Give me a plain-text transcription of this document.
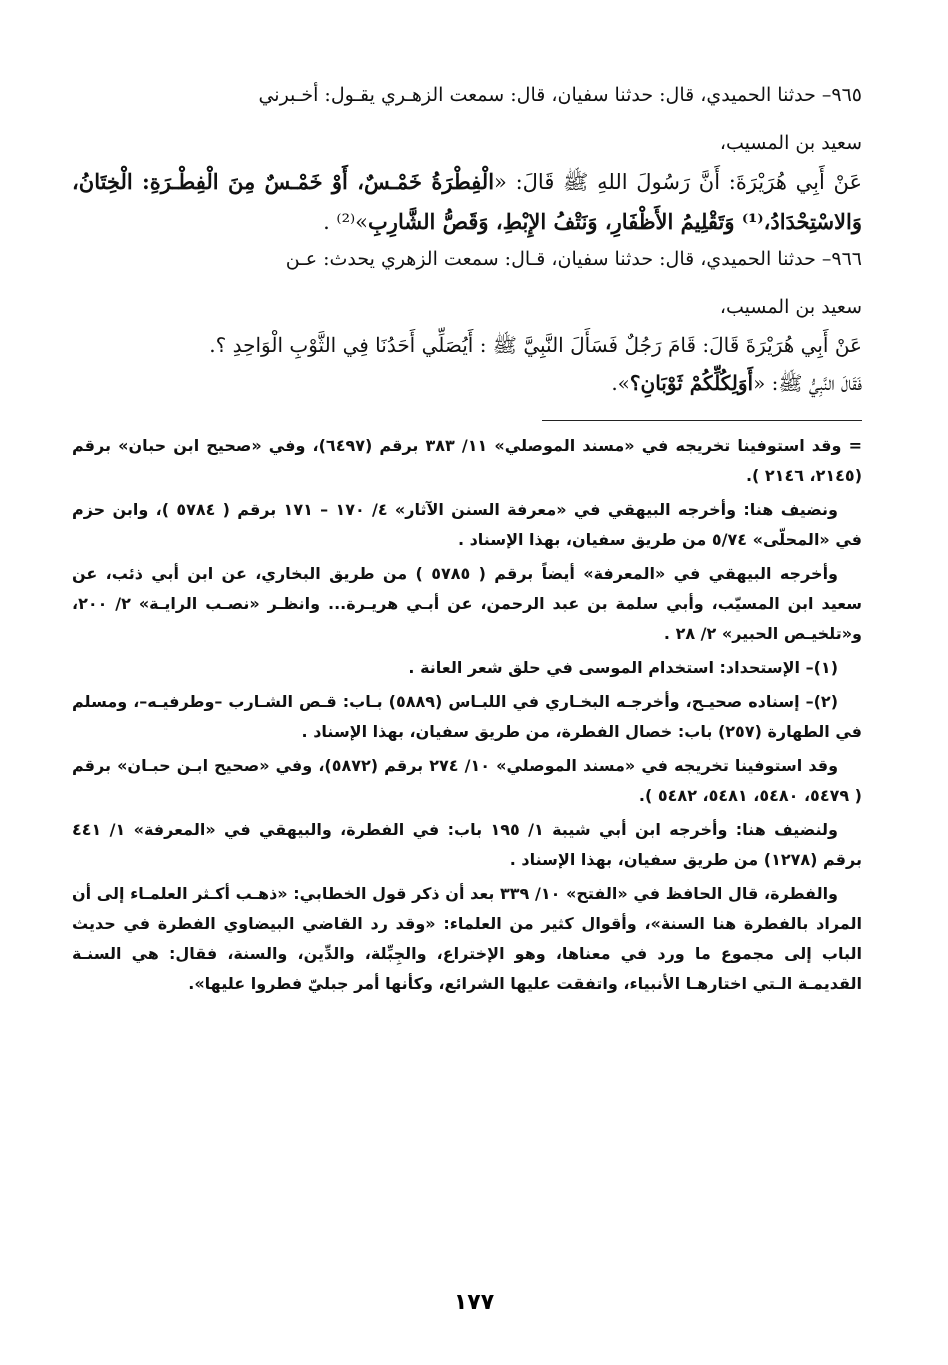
٩٦٥– حدثنا الحميدي، قال: حدثنا سفيان، قال: سمعت الزهـري يقـول: أخـبرني

سعيد بن المسيب،

عَنْ أَبِي هُرَيْرَةَ: أَنَّ رَسُولَ اللهِ ﷺ قَالَ: «الْفِطْرَةُ خَمْـسٌ، أَوْ خَمْـسٌ مِنَ الْفِطْـرَةِ: الْخِتَانُ، وَالاسْتِحْدَادُ،⁽¹⁾ وَتَقْلِيمُ الأَظْفَارِ، وَنَتْفُ الإِبْطِ، وَقَصُّ الشَّارِبِ»⁽²⁾ .

٩٦٦– حدثنا الحميدي، قال: حدثنا سفيان، قـال: سمعت الزهري يحدث: عـن

سعيد بن المسيب،

عَنْ أَبِي هُرَيْرَةَ قَالَ: قَامَ رَجُلٌ فَسَأَلَ النَّبِيَّ ﷺ : أَيُصَلِّي أَحَدُنَا فِي الثَّوْبِ الْوَاحِدِ ؟.

فَقَالَ النَّبِيُّ ﷺ: «أَوَلِكُلِّكُمْ ثَوْبَانِ؟».

= وقد استوفينا تخريجه في «مسند الموصلي» ١١/ ٣٨٣ برقم (٦٤٩٧)، وفي «صحيح ابن حبان» برقم (٢١٤٥، ٢١٤٦ ).

ونضيف هنا: وأخرجه البيهقي في «معرفة السنن الآثار» ٤/ ١٧٠ – ١٧١ برقم ( ٥٧٨٤ )، وابن حزم في «المحلّى» ٥/٧٤ من طريق سفيان، بهذا الإسناد .

وأخرجه البيهقي في «المعرفة» أيضاً برقم ( ٥٧٨٥ ) من طريق البخاري، عن ابن أبي ذئب، عن سعيد ابن المسيّب، وأبي سلمة بن عبد الرحمن، عن أبـي هريـرة... وانظـر «نصـب الرايـة» ٢/ ٢٠٠، و«تلخيـص الحبير» ٢/ ٢٨ .

(١)– الإستحداد: استخدام الموسى في حلق شعر العانة .

(٢)– إسناده صحيـح، وأخرجـه البخـاري في اللبـاس (٥٨٨٩) بـاب: قـص الشـارب –وطرفيـه–، ومسلم في الطهارة (٢٥٧) باب: خصال الفطرة، من طريق سفيان، بهذا الإسناد .

وقد استوفينا تخريجه في «مسند الموصلي» ١٠/ ٢٧٤ برقم (٥٨٧٢)، وفي «صحيح ابـن حبـان» برقم ( ٥٤٧٩، ٥٤٨٠، ٥٤٨١، ٥٤٨٢ ).

ولنضيف هنا: وأخرجه ابن أبي شيبة ١/ ١٩٥ باب: في الفطرة، والبيهقي في «المعرفة» ١/ ٤٤١ برقم (١٢٧٨) من طريق سفيان، بهذا الإسناد .

والفطرة، قال الحافظ في «الفتح» ١٠/ ٣٣٩ بعد أن ذكر قول الخطابي: «ذهـب أكـثر العلمـاء إلى أن المراد بالفطرة هنا السنة»، وأقوال كثير من العلماء: «وقد رد القاضي البيضاوي الفطرة في حديث الباب إلى مجموع ما ورد في معناها، وهو الإختراع، والجِبِّلة، والدِّين، والسنة، فقال: هي السنـة القديمـة الـتي اختارهـا الأنبياء، واتفقت عليها الشرائع، وكأنها أمر جبليّ فطروا عليها».

١٧٧
